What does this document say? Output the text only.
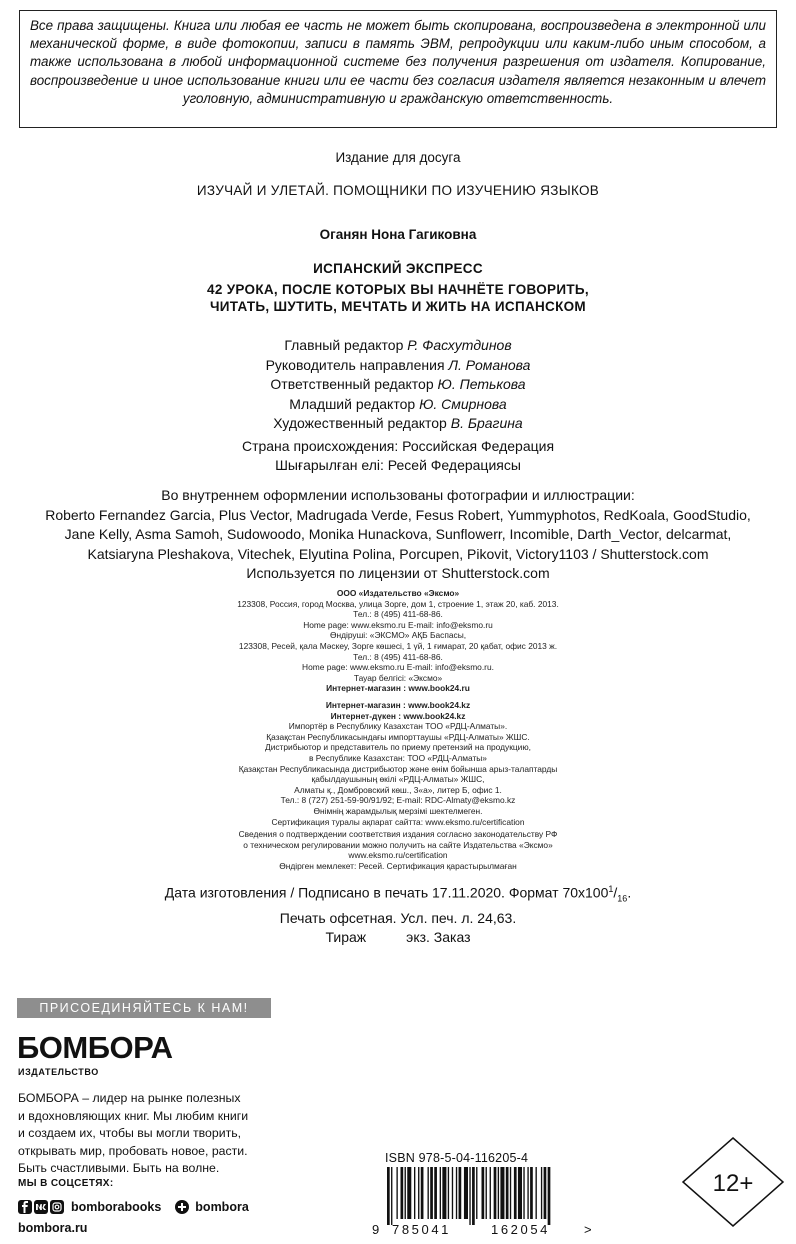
Все права защищены. Книга или любая ее часть не может быть скопирована, воспроизведена в электронной или механической форме, в виде фотокопии, записи в память ЭВМ, репродукции или каким-либо иным способом, а также использована в любой информационной системе без получения разрешения от издателя. Копирование, воспроизведение и иное использование книги или ее части без согласия издателя является незаконным и влечет уголовную, административную и гражданскую ответственность.
Издание для досуга
ИЗУЧАЙ И УЛЕТАЙ. ПОМОЩНИКИ ПО ИЗУЧЕНИЮ ЯЗЫКОВ
Оганян Нона Гагиковна
ИСПАНСКИЙ ЭКСПРЕСС
42 УРОКА, ПОСЛЕ КОТОРЫХ ВЫ НАЧНЁТЕ ГОВОРИТЬ,
ЧИТАТЬ, ШУТИТЬ, МЕЧТАТЬ И ЖИТЬ НА ИСПАНСКОМ
Главный редактор Р. Фасхутдинов
Руководитель направления Л. Романова
Ответственный редактор Ю. Петькова
Младший редактор Ю. Смирнова
Художественный редактор В. Брагина
Страна происхождения: Российская Федерация
Шығарылған елі: Ресей Федерациясы
Во внутреннем оформлении использованы фотографии и иллюстрации:
Roberto Fernandez Garcia, Plus Vector, Madrugada Verde, Fesus Robert, Yummyphotos, RedKoala, GoodStudio,
Jane Kelly, Asma Samoh, Sudowoodo, Monika Hunackova, Sunflowerr, Incomible, Darth_Vector, delcarmat,
Katsiaryna Pleshakova, Vitechek, Elyutina Polina, Porcupen, Pikovit, Victory1103 / Shutterstock.com
Используется по лицензии от Shutterstock.com
ООО «Издательство «Эксмо»
123308, Россия, город Москва, улица Зорге, дом 1, строение 1, этаж 20, каб. 2013.
Тел.: 8 (495) 411-68-86.
Home page: www.eksmo.ru E-mail: info@eksmo.ru
Өндіруші: «ЭКСМО» АҚБ Баспасы,
123308, Ресей, қала Мәскеу, Зорге көшесі, 1 үй, 1 ғимарат, 20 қабат, офис 2013 ж.
Тел.: 8 (495) 411-68-86.
Home page: www.eksmo.ru E-mail: info@eksmo.ru.
Тауар белгісі: «Эксмо»
Интернет-магазин : www.book24.ru
Интернет-магазин : www.book24.kz
Интернет-дүкен : www.book24.kz
Импортёр в Республику Казахстан ТОО «РДЦ-Алматы».
Қазақстан Республикасындағы импорттаушы «РДЦ-Алматы» ЖШС.
Дистрибьютор и представитель по приему претензий на продукцию,
в Республике Казахстан: ТОО «РДЦ-Алматы»
Қазақстан Республикасында дистрибьютор және өнім бойынша арыз-талаптарды
қабылдаушының өкілі «РДЦ-Алматы» ЖШС,
Алматы қ., Домбровский көш., 3«а», литер Б, офис 1.
Тел.: 8 (727) 251-59-90/91/92; E-mail: RDC-Almaty@eksmo.kz
Өнімнің жарамдылық мерзімі шектелмеген.
Сертификация туралы ақпарат сайтта: www.eksmo.ru/certification
Сведения о подтверждении соответствия издания согласно законодательству РФ
о техническом регулировании можно получить на сайте Издательства «Эксмо»
www.eksmo.ru/certification
Өндірген мемлекет: Ресей. Сертификация қарастырылмаған
Дата изготовления / Подписано в печать 17.11.2020. Формат $70x100^1/_{16}$.
Печать офсетная. Усл. печ. л. 24,63.
Тираж	экз. Заказ
ПРИСОЕДИНЯЙТЕСЬ К НАМ!
БОМБОРА
ИЗДАТЕЛЬСТВО
БОМБОРА – лидер на рынке полезных
и вдохновляющих книг. Мы любим книги
и создаем их, чтобы вы могли творить,
открывать мир, пробовать новое, расти.
Быть счастливыми. Быть на волне.
МЫ В СОЦСЕТЯХ:
bomborabooks	bombora
bombora.ru
ISBN 978-5-04-116205-4
9 785041	162054	>
12+
